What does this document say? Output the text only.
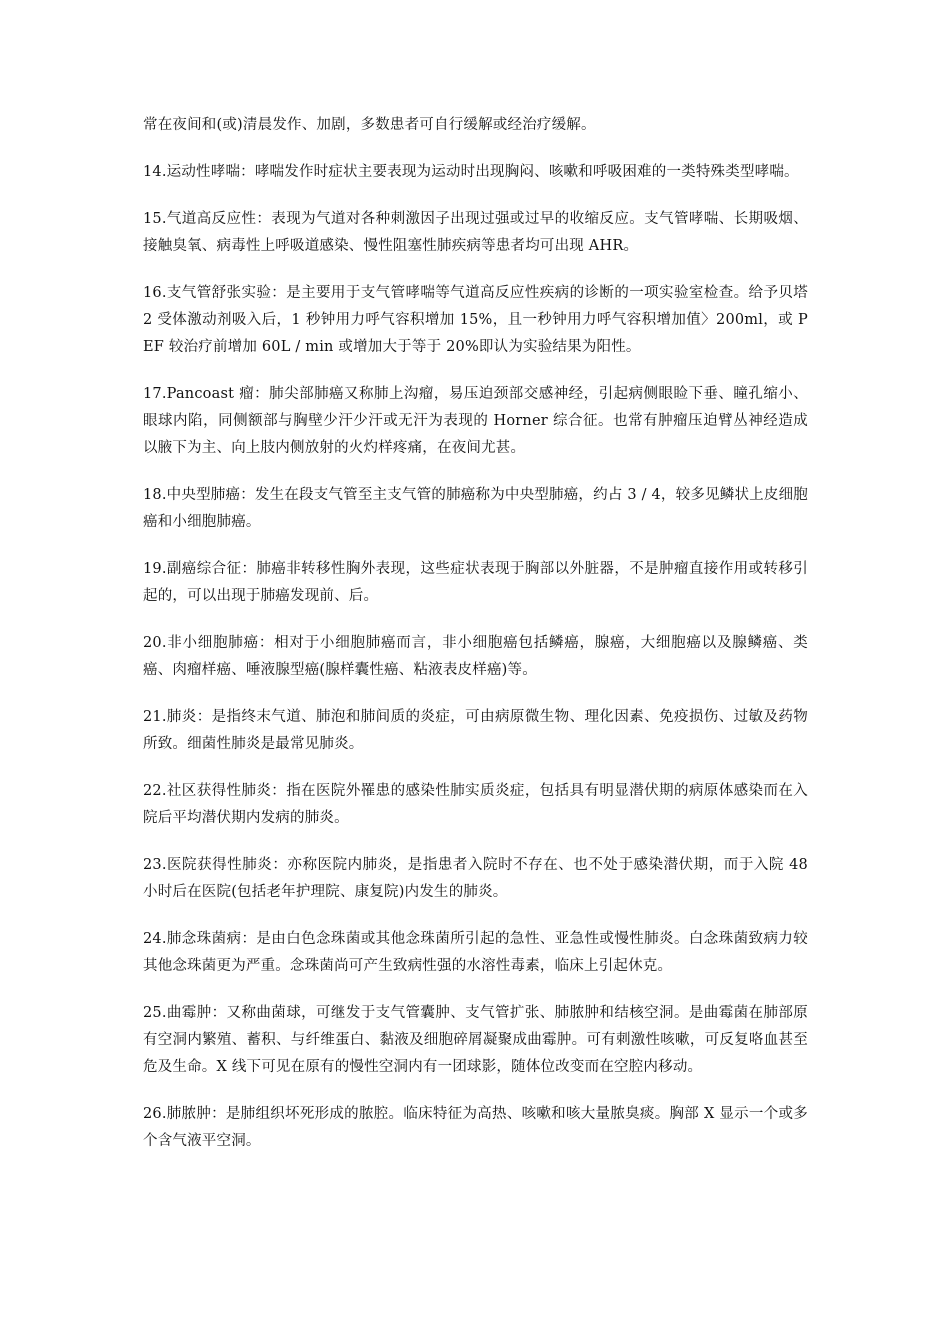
常在夜间和(或)清晨发作、加剧，多数患者可自行缓解或经治疗缓解。

14.运动性哮喘：哮喘发作时症状主要表现为运动时出现胸闷、咳嗽和呼吸困难的一类特殊类型哮喘。

15.气道高反应性：表现为气道对各种刺激因子出现过强或过早的收缩反应。支气管哮喘、长期吸烟、接触臭氧、病毒性上呼吸道感染、慢性阻塞性肺疾病等患者均可出现 AHR。

16.支气管舒张实验：是主要用于支气管哮喘等气道高反应性疾病的诊断的一项实验室检查。给予贝塔 2 受体激动剂吸入后，1 秒钟用力呼气容积增加 15%，且一秒钟用力呼气容积增加值〉200ml，或 PEF 较治疗前增加 60L / min 或增加大于等于 20%即认为实验结果为阳性。

17.Pancoast 瘤：肺尖部肺癌又称肺上沟瘤，易压迫颈部交感神经，引起病侧眼睑下垂、瞳孔缩小、眼球内陷，同侧额部与胸壁少汗少汗或无汗为表现的 Horner 综合征。也常有肿瘤压迫臂丛神经造成以腋下为主、向上肢内侧放射的火灼样疼痛，在夜间尤甚。

18.中央型肺癌：发生在段支气管至主支气管的肺癌称为中央型肺癌，约占 3 / 4，较多见鳞状上皮细胞癌和小细胞肺癌。

19.副癌综合征：肺癌非转移性胸外表现，这些症状表现于胸部以外脏器，不是肿瘤直接作用或转移引起的，可以出现于肺癌发现前、后。

20.非小细胞肺癌：相对于小细胞肺癌而言，非小细胞癌包括鳞癌，腺癌，大细胞癌以及腺鳞癌、类癌、肉瘤样癌、唾液腺型癌(腺样囊性癌、粘液表皮样癌)等。

21.肺炎：是指终末气道、肺泡和肺间质的炎症，可由病原微生物、理化因素、免疫损伤、过敏及药物所致。细菌性肺炎是最常见肺炎。

22.社区获得性肺炎：指在医院外罹患的感染性肺实质炎症，包括具有明显潜伏期的病原体感染而在入院后平均潜伏期内发病的肺炎。

23.医院获得性肺炎：亦称医院内肺炎，是指患者入院时不存在、也不处于感染潜伏期，而于入院 48 小时后在医院(包括老年护理院、康复院)内发生的肺炎。

24.肺念珠菌病：是由白色念珠菌或其他念珠菌所引起的急性、亚急性或慢性肺炎。白念珠菌致病力较其他念珠菌更为严重。念珠菌尚可产生致病性强的水溶性毒素，临床上引起休克。

25.曲霉肿：又称曲菌球，可继发于支气管囊肿、支气管扩张、肺脓肿和结核空洞。是曲霉菌在肺部原有空洞内繁殖、蓄积、与纤维蛋白、黏液及细胞碎屑凝聚成曲霉肿。可有刺激性咳嗽，可反复咯血甚至危及生命。X 线下可见在原有的慢性空洞内有一团球影，随体位改变而在空腔内移动。

26.肺脓肿：是肺组织坏死形成的脓腔。临床特征为高热、咳嗽和咳大量脓臭痰。胸部 X 显示一个或多个含气液平空洞。
